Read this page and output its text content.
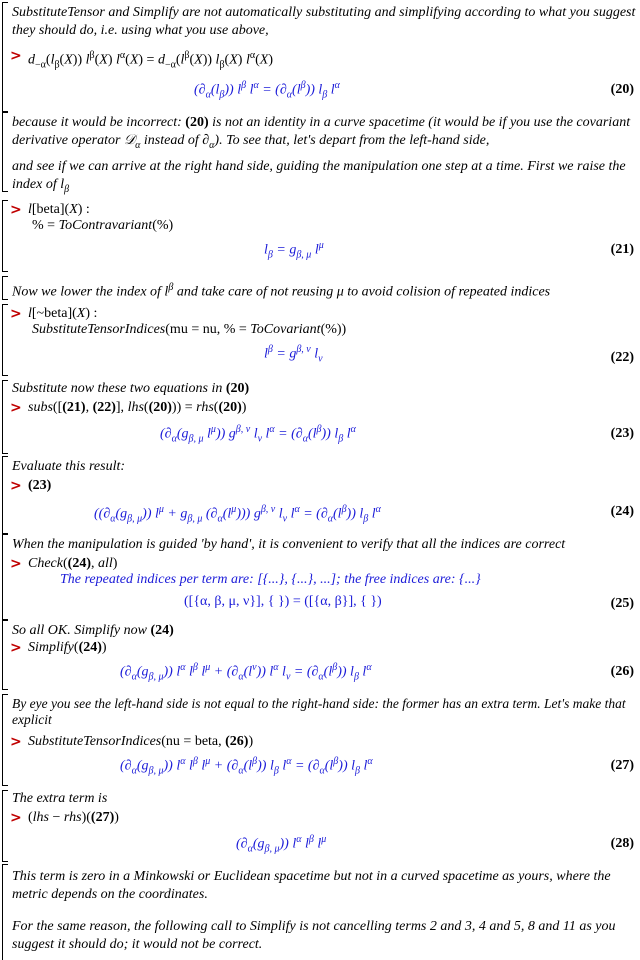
SubstituteTensor and Simplify are not automatically substituting and simplifying according to what you suggest they should do, i.e. using what you use above,
> $d_{-\alpha}(l_\beta(X))$ $l^\beta(X) l^\alpha(X) = d_{-\alpha}(l^\beta(X))$ $l_\beta(X)$ $l^\alpha(X)$
$(\partial_\alpha(l_\beta))$ $l^\beta$ $l^\alpha = (\partial_\alpha(l^\beta))$ $l_\beta$ $l^\alpha$	(20)
because it would be incorrect: (20) is not an identity in a curve spacetime (it would be if you use the covariant derivative operator 𝒟$_\alpha$ instead of $\partial_\alpha$). To see that, let's depart from the left-hand side,
and see if we can arrive at the right hand side, guiding the manipulation one step at a time. First we raise the index of $l_\beta$
> l[beta](X) :
% = ToContravariant(%)
$l_\beta = g_{\beta, \mu}$ $l^\mu$	(21)
Now we lower the index of $l^\beta$ and take care of not reusing μ to avoid colision of repeated indices
> l[~beta](X) :
SubstituteTensorIndices(mu = nu, % = ToCovariant(%))
$l^\beta = g^{\beta, \nu}$ $l_\nu$	(22)
Substitute now these two equations in (20)
> subs([(21), (22)], lhs((20))) = rhs((20))
($\partial_\alpha(g_{\beta, \mu}$ $l^\mu$)) $g^{\beta, \nu}$ $l_\nu$ $l^\alpha = (\partial_\alpha(l^\beta))$ $l_\beta$ $l^\alpha$	(23)
Evaluate this result:
> (23)
($(\partial_\alpha(g_{\beta, \mu})) l^\mu + g_{\beta, \mu}$ $(\partial_\alpha(l^\mu))$) $g^{\beta, \nu}$ $l_\nu$ $l^\alpha = (\partial_\alpha(l^\beta))$ $l_\beta$ $l^\alpha$	(24)
When the manipulation is guided 'by hand', it is convenient to verify that all the indices are correct
> Check((24), all)
The repeated indices per term are: [{...}, {...}, ...]; the free indices are: {...}
([{α, β, μ, ν}], { }) = ([{α, β}], { })	(25)
So all OK. Simplify now (24)
> Simplify((24))
$(\partial_\alpha(g_{\beta, \mu}))$ $l^\alpha$ $l^\beta$ $l^\mu + (\partial_\alpha(l^\nu))$ $l^\alpha$ $l_\nu = (\partial_\alpha(l^\beta))$ $l_\beta$ $l^\alpha$	(26)
By eye you see the left-hand side is not equal to the right-hand side: the former has an extra term. Let's make that explicit
> SubstituteTensorIndices(nu = beta, (26))
$(\partial_\alpha(g_{\beta, \mu}))$ $l^\alpha$ $l^\beta$ $l^\mu + (\partial_\alpha(l^\beta))$ $l_\beta$ $l^\alpha = (\partial_\alpha(l^\beta))$ $l_\beta$ $l^\alpha$	(27)
The extra term is
> (lhs − rhs)((27))
$(\partial_\alpha(g_{\beta, \mu}))$ $l^\alpha$ $l^\beta$ $l^\mu$	(28)
This term is zero in a Minkowski or Euclidean spacetime but not in a curved spacetime as yours, where the metric depends on the coordinates.
For the same reason, the following call to Simplify is not cancelling terms 2 and 3, 4 and 5, 8 and 11 as you suggest it should do; it would not be correct.
